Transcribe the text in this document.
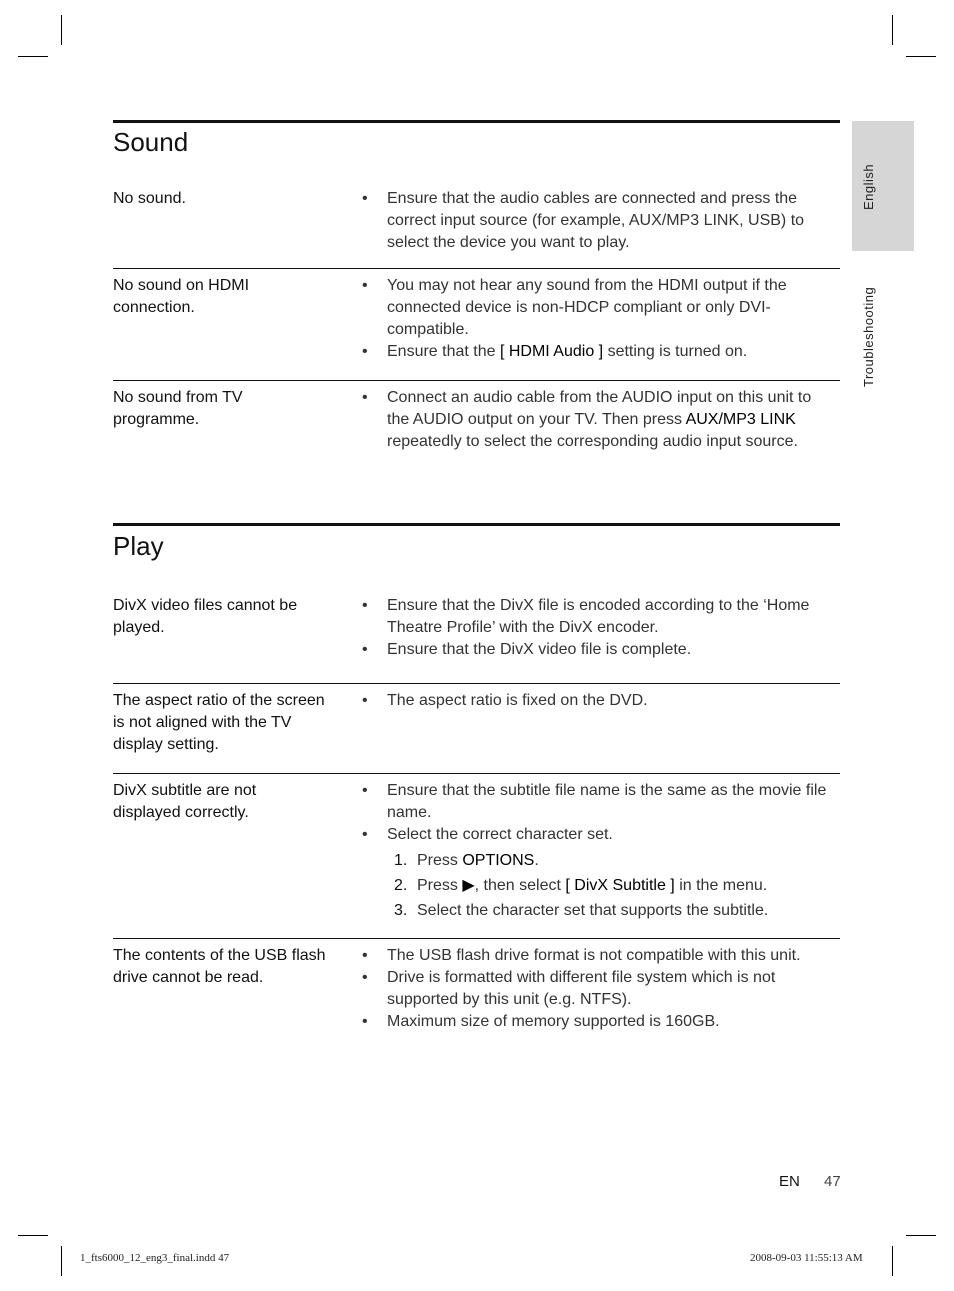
English
Troubleshooting
Sound
No sound.
•	Ensure that the audio cables are connected and press the correct input source (for example, AUX/MP3 LINK, USB) to select the device you want to play.
No sound on HDMI connection.
• You may not hear any sound from the HDMI output if the connected device is non-HDCP compliant or only DVI-compatible.
• Ensure that the [ HDMI Audio ] setting is turned on.
No sound from TV programme.
• Connect an audio cable from the AUDIO input on this unit to the AUDIO output on your TV. Then press AUX/MP3 LINK repeatedly to select the corresponding audio input source.
Play
DivX video files cannot be played.
• Ensure that the DivX file is encoded according to the ‘Home Theatre Profile’ with the DivX encoder.
• Ensure that the DivX video file is complete.
The aspect ratio of the screen is not aligned with the TV display setting.
• The aspect ratio is fixed on the DVD.
DivX subtitle are not displayed correctly.
• Ensure that the subtitle file name is the same as the movie file name.
• Select the correct character set.
1. Press OPTIONS.
2. Press ▶, then select [ DivX Subtitle ] in the menu.
3. Select the character set that supports the subtitle.
The contents of the USB flash drive cannot be read.
• The USB flash drive format is not compatible with this unit.
• Drive is formatted with different file system which is not supported by this unit (e.g. NTFS).
• Maximum size of memory supported is 160GB.
EN 47
1_fts6000_12_eng3_final.indd 47	2008-09-03 11:55:13 AM
